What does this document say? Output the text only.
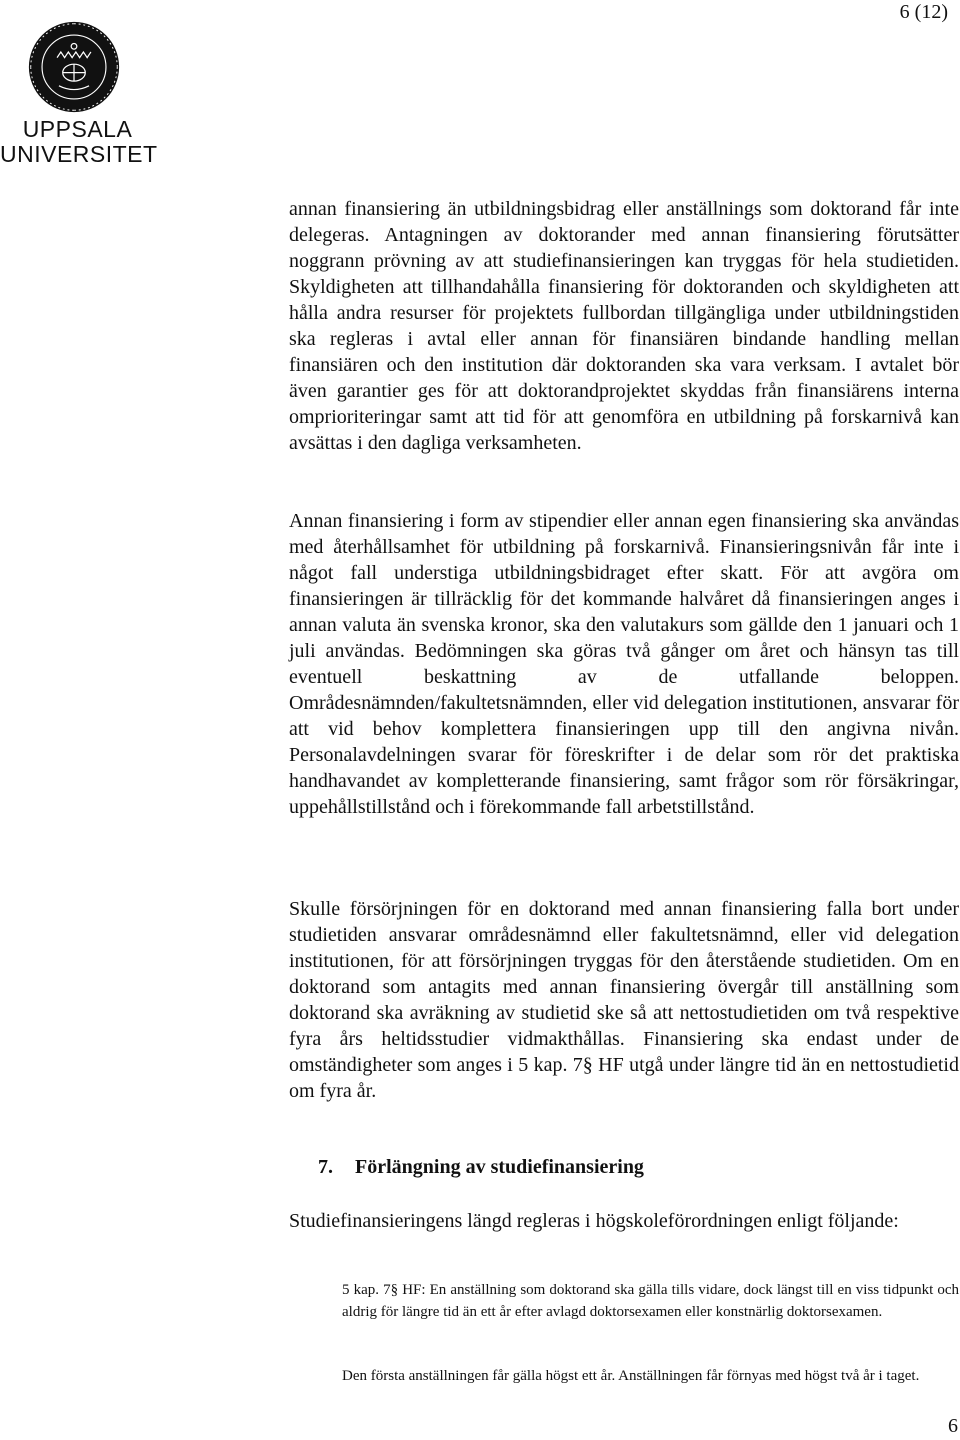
6 (12)
UPPSALA
UNIVERSITET

annan finansiering än utbildningsbidrag eller anställnings som doktorand får inte delegeras. Antagningen av doktorander med annan finansiering förutsätter noggrann prövning av att studiefinansieringen kan tryggas för hela studietiden. Skyldigheten att tillhandahålla finansiering för doktoranden och skyldigheten att hålla andra resurser för projektets fullbordan tillgängliga under utbildningstiden ska regleras i avtal eller annan för finansiären bindande handling mellan finansiären och den institution där doktoranden ska vara verksam. I avtalet bör även garantier ges för att doktorandprojektet skyddas från finansiärens interna omprioriteringar samt att tid för att genomföra en utbildning på forskarnivå kan avsättas i den dagliga verksamheten.

Annan finansiering i form av stipendier eller annan egen finansiering ska användas med återhållsamhet för utbildning på forskarnivå. Finansieringsnivån får inte i något fall understiga utbildningsbidraget efter skatt. För att avgöra om finansieringen är tillräcklig för det kommande halvåret då finansieringen anges i annan valuta än svenska kronor, ska den valutakurs som gällde den 1 januari och 1 juli användas. Bedömningen ska göras två gånger om året och hänsyn tas till eventuell beskattning av de utfallande beloppen. Områdesnämnden/fakultetsnämnden, eller vid delegation institutionen, ansvarar för att vid behov komplettera finansieringen upp till den angivna nivån. Personalavdelningen svarar för föreskrifter i de delar som rör det praktiska handhavandet av kompletterande finansiering, samt frågor som rör försäkringar, uppehållstillstånd och i förekommande fall arbetstillstånd.

Skulle försörjningen för en doktorand med annan finansiering falla bort under studietiden ansvarar områdesnämnd eller fakultetsnämnd, eller vid delegation institutionen, för att försörjningen tryggas för den återstående studietiden. Om en doktorand som antagits med annan finansiering övergår till anställning som doktorand ska avräkning av studietid ske så att nettostudietiden om två respektive fyra års heltidsstudier vidmakthållas. Finansiering ska endast under de omständigheter som anges i 5 kap. 7§ HF utgå under längre tid än en nettostudietid om fyra år.

7. Förlängning av studiefinansiering

Studiefinansieringens längd regleras i högskoleförordningen enligt följande:

5 kap. 7§ HF: En anställning som doktorand ska gälla tills vidare, dock längst till en viss tidpunkt och aldrig för längre tid än ett år efter avlagd doktorsexamen eller konstnärlig doktorsexamen.

Den första anställningen får gälla högst ett år. Anställningen får förnyas med högst två år i taget.

6
